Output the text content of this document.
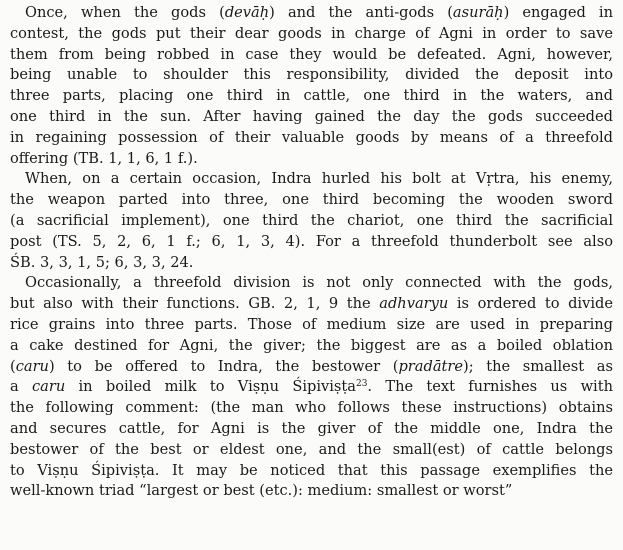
Once, when the gods (devāḥ) and the anti-gods (asurāḥ) engaged in
contest, the gods put their dear goods in charge of Agni in order to save
them from being robbed in case they would be defeated. Agni, however,
being unable to shoulder this responsibility, divided the deposit into
three parts, placing one third in cattle, one third in the waters, and
one third in the sun. After having gained the day the gods succeeded
in regaining possession of their valuable goods by means of a threefold
offering (TB. 1, 1, 6, 1 f.).
When, on a certain occasion, Indra hurled his bolt at Vṛtra, his enemy,
the weapon parted into three, one third becoming the wooden sword
(a sacrificial implement), one third the chariot, one third the sacrificial
post (TS. 5, 2, 6, 1 f.; 6, 1, 3, 4). For a threefold thunderbolt see also
ŚB. 3, 3, 1, 5; 6, 3, 3, 24.
Occasionally, a threefold division is not only connected with the gods,
but also with their functions. GB. 2, 1, 9 the adhvaryu is ordered to divide
rice grains into three parts. Those of medium size are used in preparing
a cake destined for Agni, the giver; the biggest are as a boiled oblation
(caru) to be offered to Indra, the bestower (pradātre); the smallest as
a caru in boiled milk to Viṣṇu Śipiviṣṭa$^{23}$. The text furnishes us with
the following comment: (the man who follows these instructions) obtains
and secures cattle, for Agni is the giver of the middle one, Indra the
bestower of the best or eldest one, and the small(est) of cattle belongs
to Viṣṇu Śipiviṣṭa. It may be noticed that this passage exemplifies the
well-known triad “largest or best (etc.): medium: smallest or worst”
